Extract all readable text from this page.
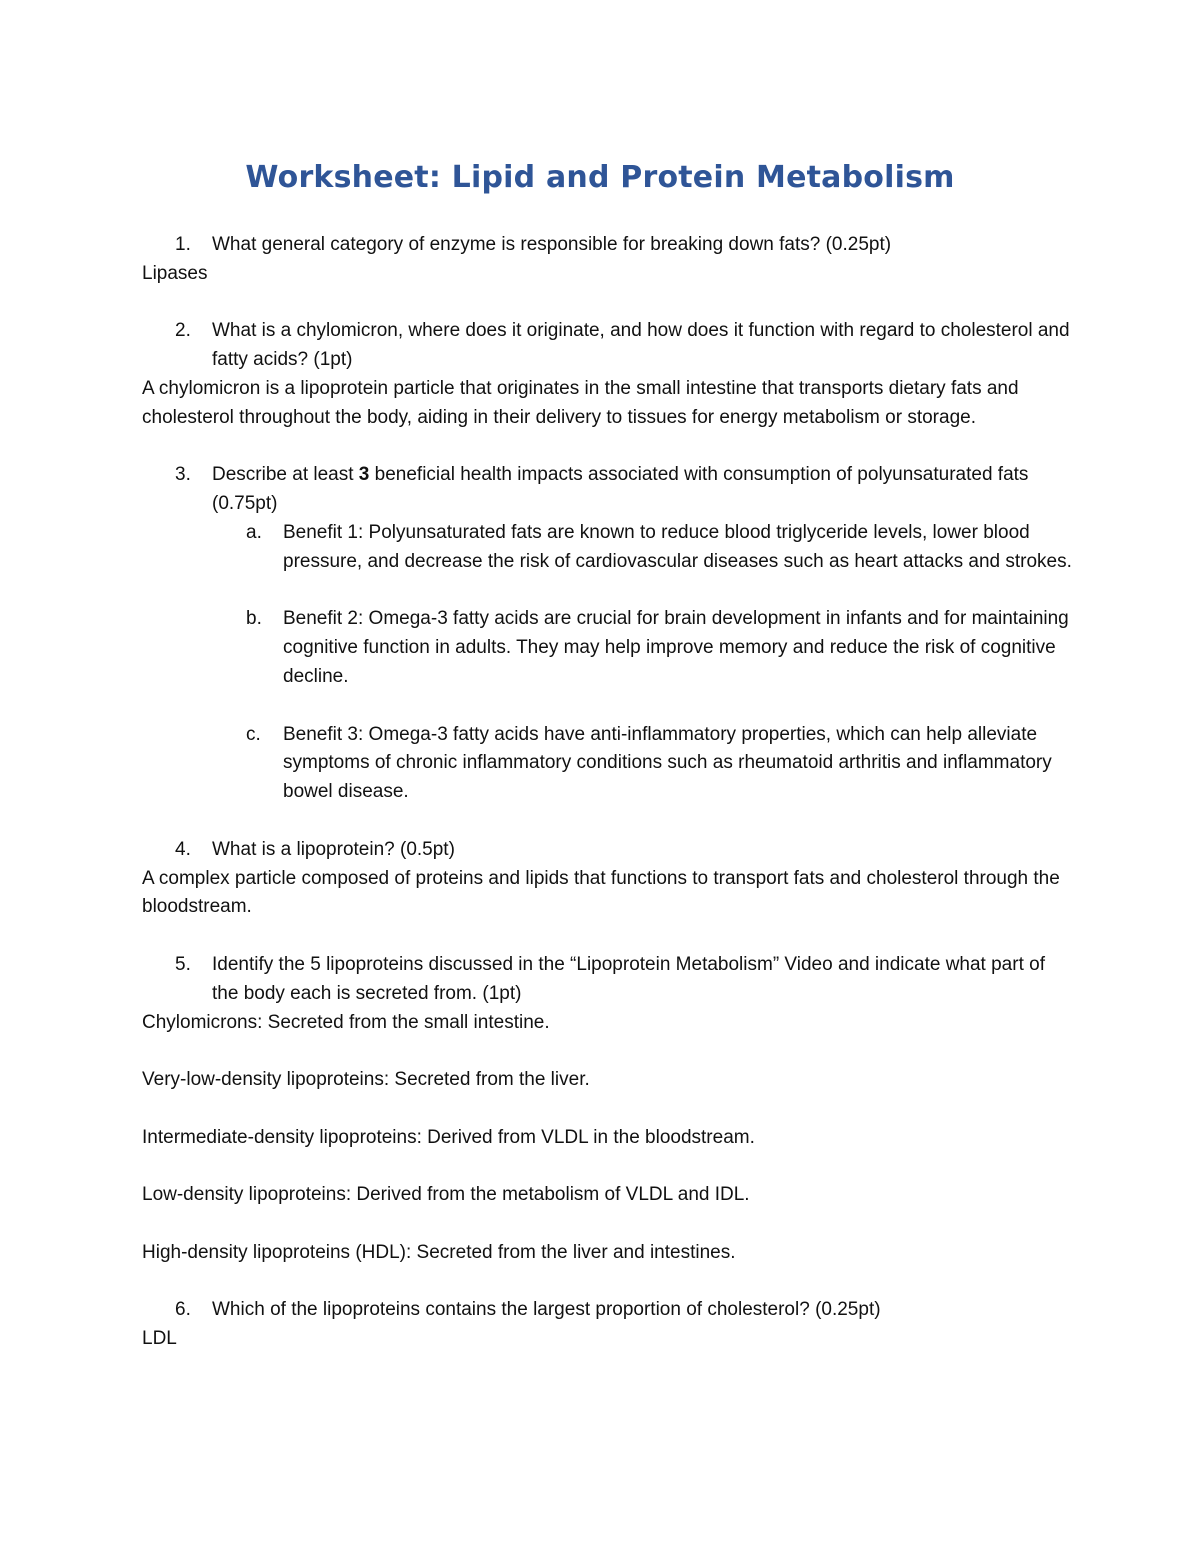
Worksheet: Lipid and Protein Metabolism

1. What general category of enzyme is responsible for breaking down fats? (0.25pt)

Lipases

2. What is a chylomicron, where does it originate, and how does it function with regard to cholesterol and fatty acids? (1pt)

A chylomicron is a lipoprotein particle that originates in the small intestine that transports dietary fats and cholesterol throughout the body, aiding in their delivery to tissues for energy metabolism or storage.

3. Describe at least 3 beneficial health impacts associated with consumption of polyunsaturated fats (0.75pt)

a. Benefit 1: Polyunsaturated fats are known to reduce blood triglyceride levels, lower blood pressure, and decrease the risk of cardiovascular diseases such as heart attacks and strokes.

b. Benefit 2: Omega-3 fatty acids are crucial for brain development in infants and for maintaining cognitive function in adults. They may help improve memory and reduce the risk of cognitive decline.

c. Benefit 3: Omega-3 fatty acids have anti-inflammatory properties, which can help alleviate symptoms of chronic inflammatory conditions such as rheumatoid arthritis and inflammatory bowel disease.

4. What is a lipoprotein? (0.5pt)

A complex particle composed of proteins and lipids that functions to transport fats and cholesterol through the bloodstream.

5. Identify the 5 lipoproteins discussed in the “Lipoprotein Metabolism” Video and indicate what part of the body each is secreted from. (1pt)

Chylomicrons: Secreted from the small intestine.

Very-low-density lipoproteins: Secreted from the liver.

Intermediate-density lipoproteins: Derived from VLDL in the bloodstream.

Low-density lipoproteins: Derived from the metabolism of VLDL and IDL.

High-density lipoproteins (HDL): Secreted from the liver and intestines.

6. Which of the lipoproteins contains the largest proportion of cholesterol? (0.25pt)

LDL
